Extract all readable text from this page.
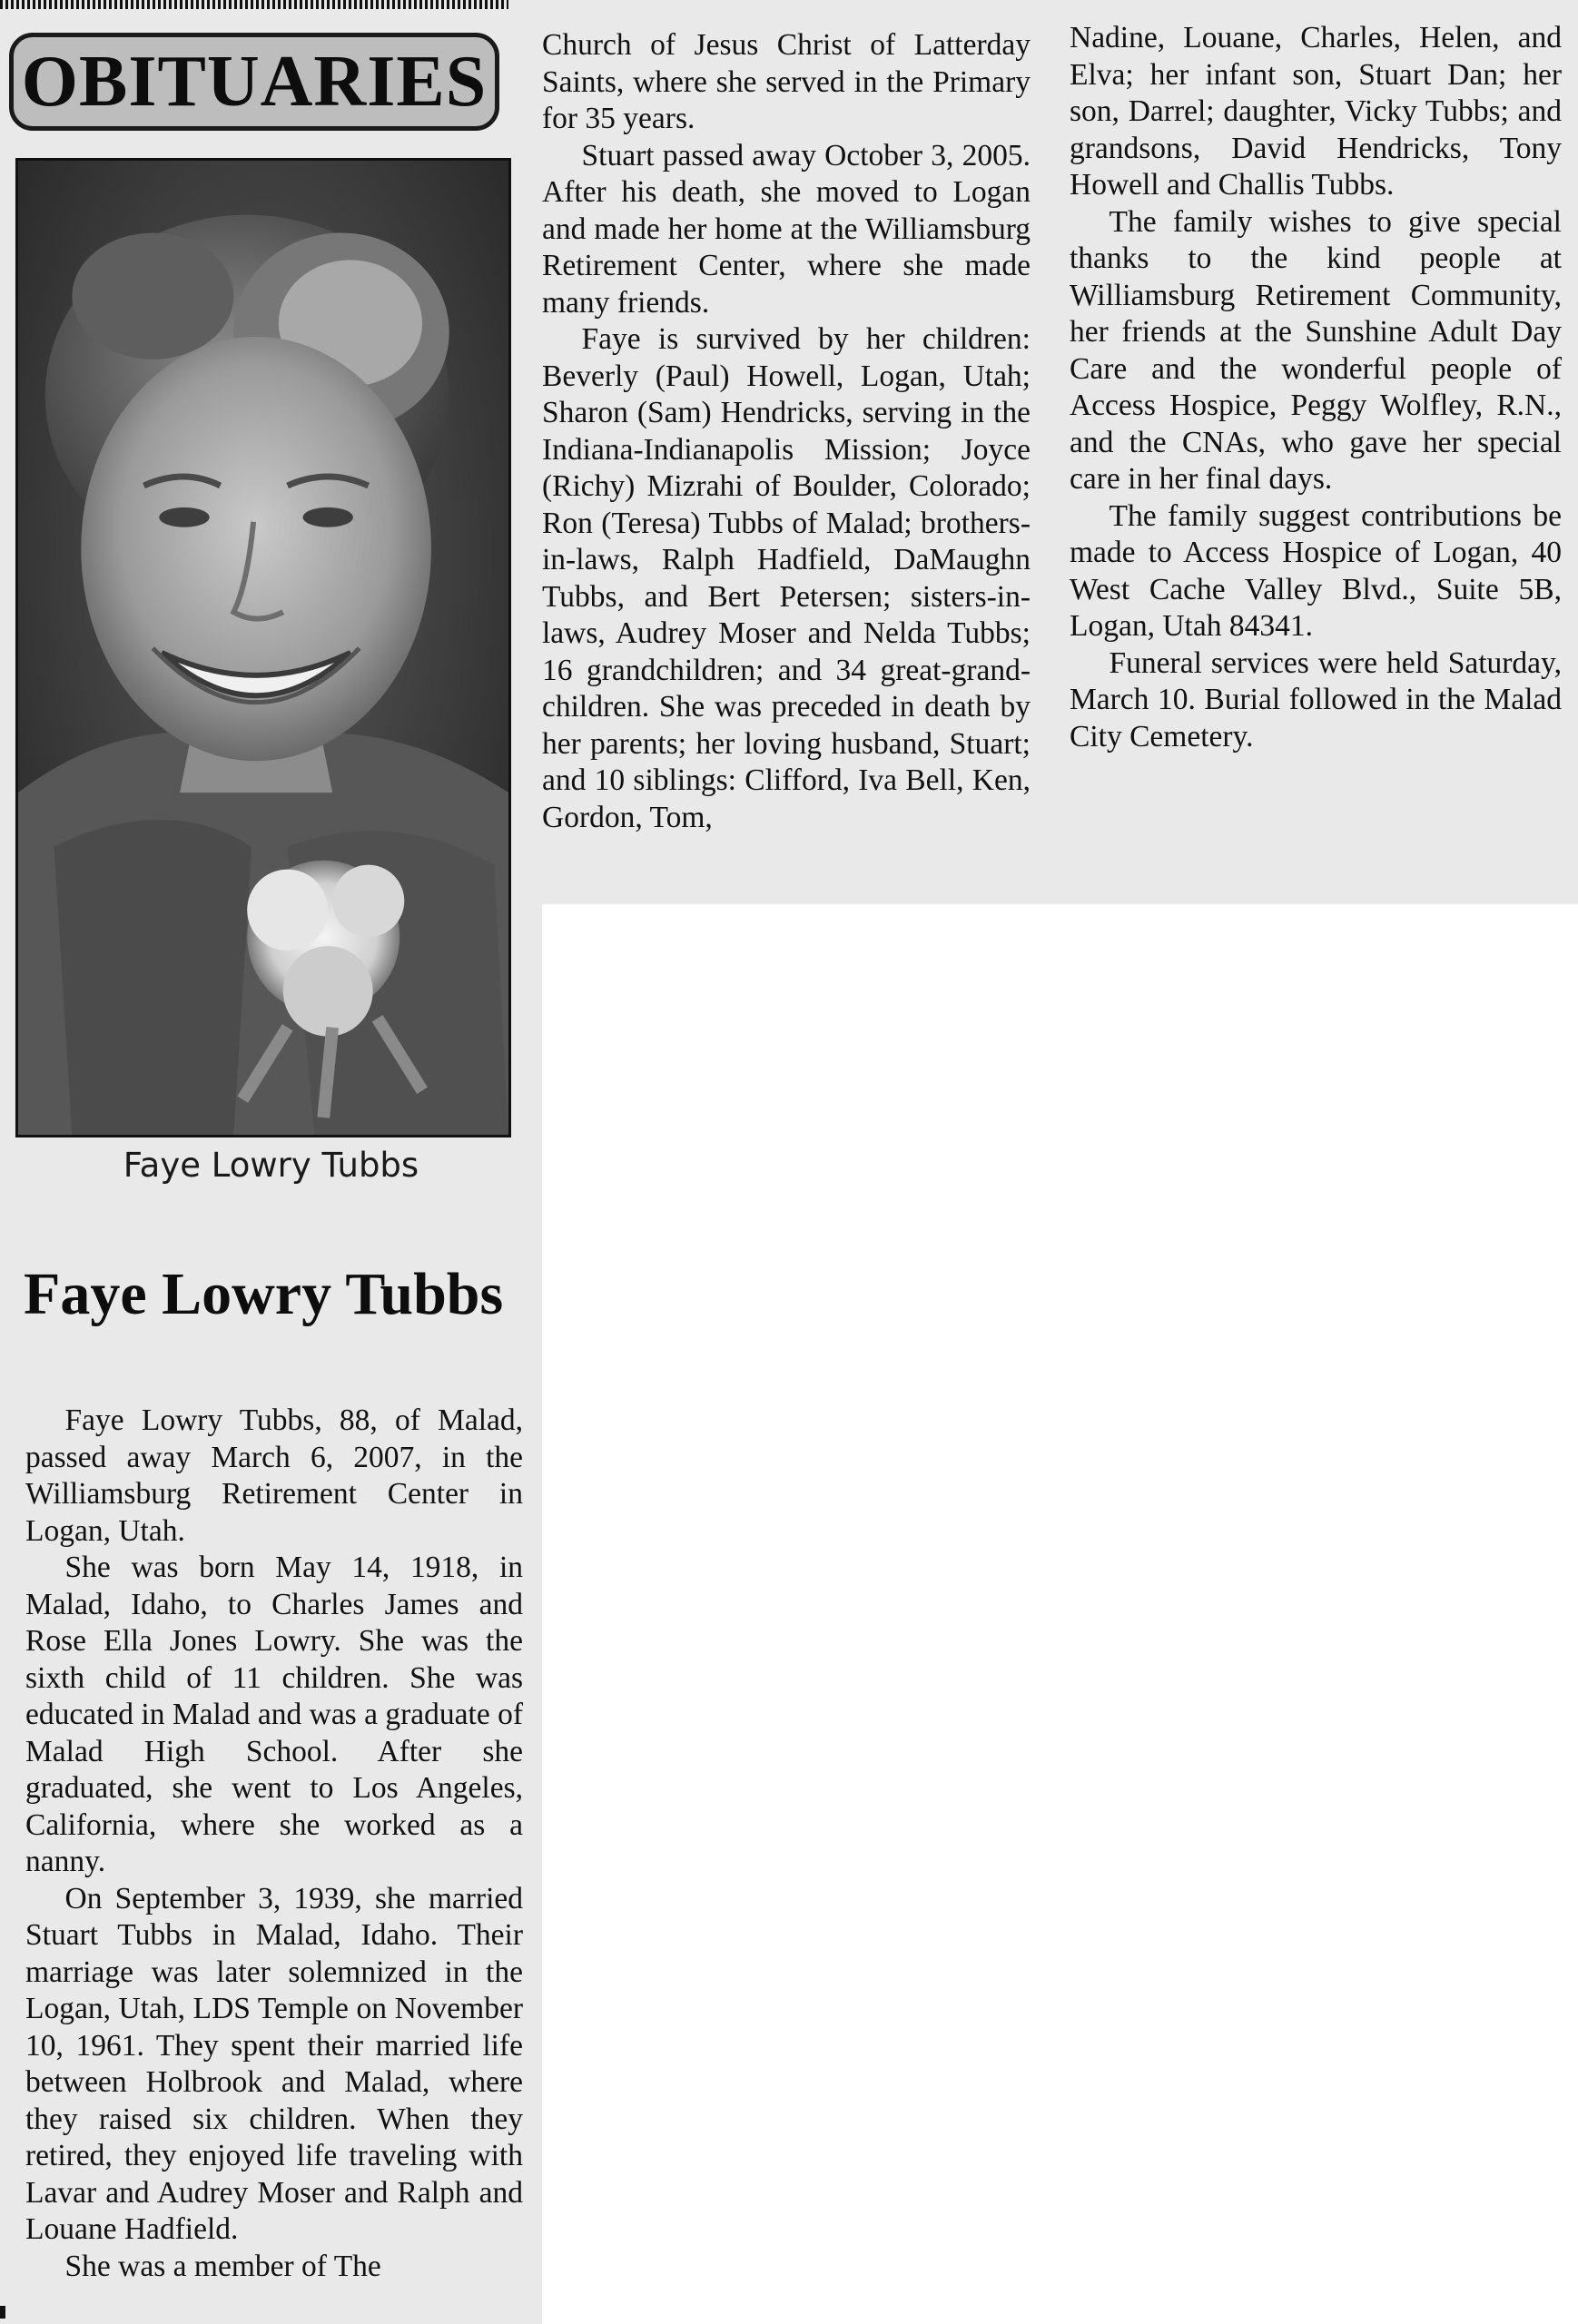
OBITUARIES
Faye Lowry Tubbs
Faye Lowry Tubbs

Faye Lowry Tubbs, 88, of Malad, passed away March 6, 2007, in the Williamsburg Retirement Center in Logan, Utah.

She was born May 14, 1918, in Malad, Idaho, to Charles James and Rose Ella Jones Lowry. She was the sixth child of 11 children. She was educated in Malad and was a graduate of Malad High School. After she graduated, she went to Los Angeles, California, where she worked as a nanny.

On September 3, 1939, she married Stuart Tubbs in Malad, Idaho. Their marriage was later solemnized in the Logan, Utah, LDS Temple on November 10, 1961. They spent their married life between Holbrook and Malad, where they raised six children. When they retired, they enjoyed life traveling with Lavar and Audrey Moser and Ralph and Louane Hadfield.

She was a member of The

Church of Jesus Christ of Latterday Saints, where she served in the Primary for 35 years.

Stuart passed away October 3, 2005. After his death, she moved to Logan and made her home at the Williamsburg Retirement Center, where she made many friends.

Faye is survived by her children: Beverly (Paul) Howell, Logan, Utah; Sharon (Sam) Hendricks, serving in the Indiana-Indianapolis Mission; Joyce (Richy) Mizrahi of Boulder, Colorado; Ron (Teresa) Tubbs of Malad; brothers-in-laws, Ralph Hadfield, DaMaughn Tubbs, and Bert Petersen; sisters-in-laws, Audrey Moser and Nelda Tubbs; 16 grandchildren; and 34 great-grandchildren. She was preceded in death by her parents; her loving husband, Stuart; and 10 siblings: Clifford, Iva Bell, Ken, Gordon, Tom,

Nadine, Louane, Charles, Helen, and Elva; her infant son, Stuart Dan; her son, Darrel; daughter, Vicky Tubbs; and grandsons, David Hendricks, Tony Howell and Challis Tubbs.

The family wishes to give special thanks to the kind people at Williamsburg Retirement Community, her friends at the Sunshine Adult Day Care and the wonderful people of Access Hospice, Peggy Wolfley, R.N., and the CNAs, who gave her special care in her final days.

The family suggest contributions be made to Access Hospice of Logan, 40 West Cache Valley Blvd., Suite 5B, Logan, Utah 84341.

Funeral services were held Saturday, March 10. Burial followed in the Malad City Cemetery.
